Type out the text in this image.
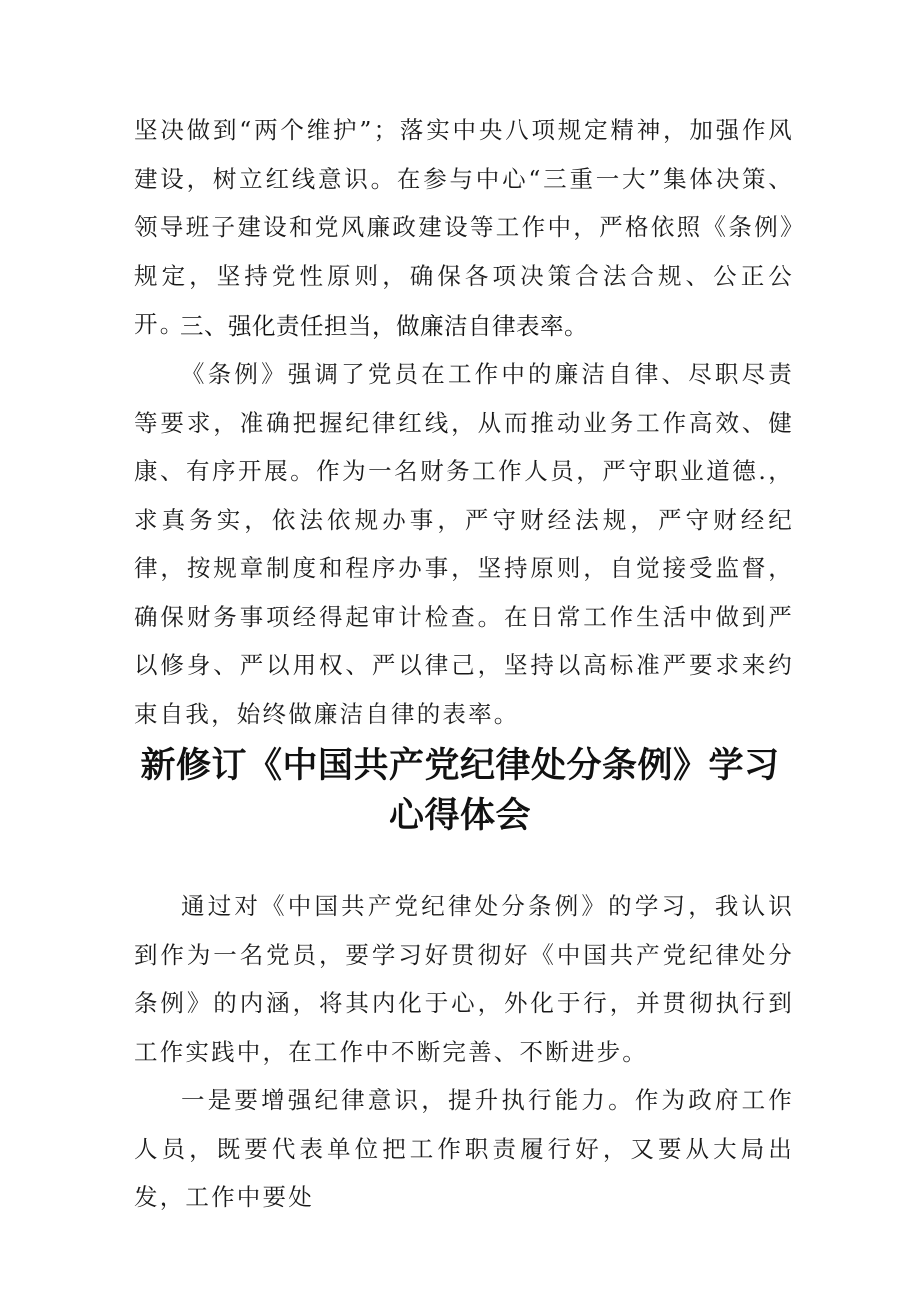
坚决做到“两个维护”；落实中央八项规定精神，加强作风建设，树立红线意识。在参与中心“三重一大”集体决策、领导班子建设和党风廉政建设等工作中，严格依照《条例》规定，坚持党性原则，确保各项决策合法合规、公正公开。

三、强化责任担当，做廉洁自律表率。

《条例》强调了党员在工作中的廉洁自律、尽职尽责等要求，准确把握纪律红线，从而推动业务工作高效、健康、有序开展。作为一名财务工作人员，严守职业道德.，求真务实，依法依规办事，严守财经法规，严守财经纪律，按规章制度和程序办事，坚持原则，自觉接受监督，确保财务事项经得起审计检查。在日常工作生活中做到严以修身、严以用权、严以律己，坚持以高标准严要求来约束自我，始终做廉洁自律的表率。

新修订《中国共产党纪律处分条例》学习
心得体会

通过对《中国共产党纪律处分条例》的学习，我认识到作为一名党员，要学习好贯彻好《中国共产党纪律处分条例》的内涵，将其内化于心，外化于行，并贯彻执行到工作实践中，在工作中不断完善、不断进步。

一是要增强纪律意识，提升执行能力。作为政府工作人员，既要代表单位把工作职责履行好，又要从大局出发，工作中要处
